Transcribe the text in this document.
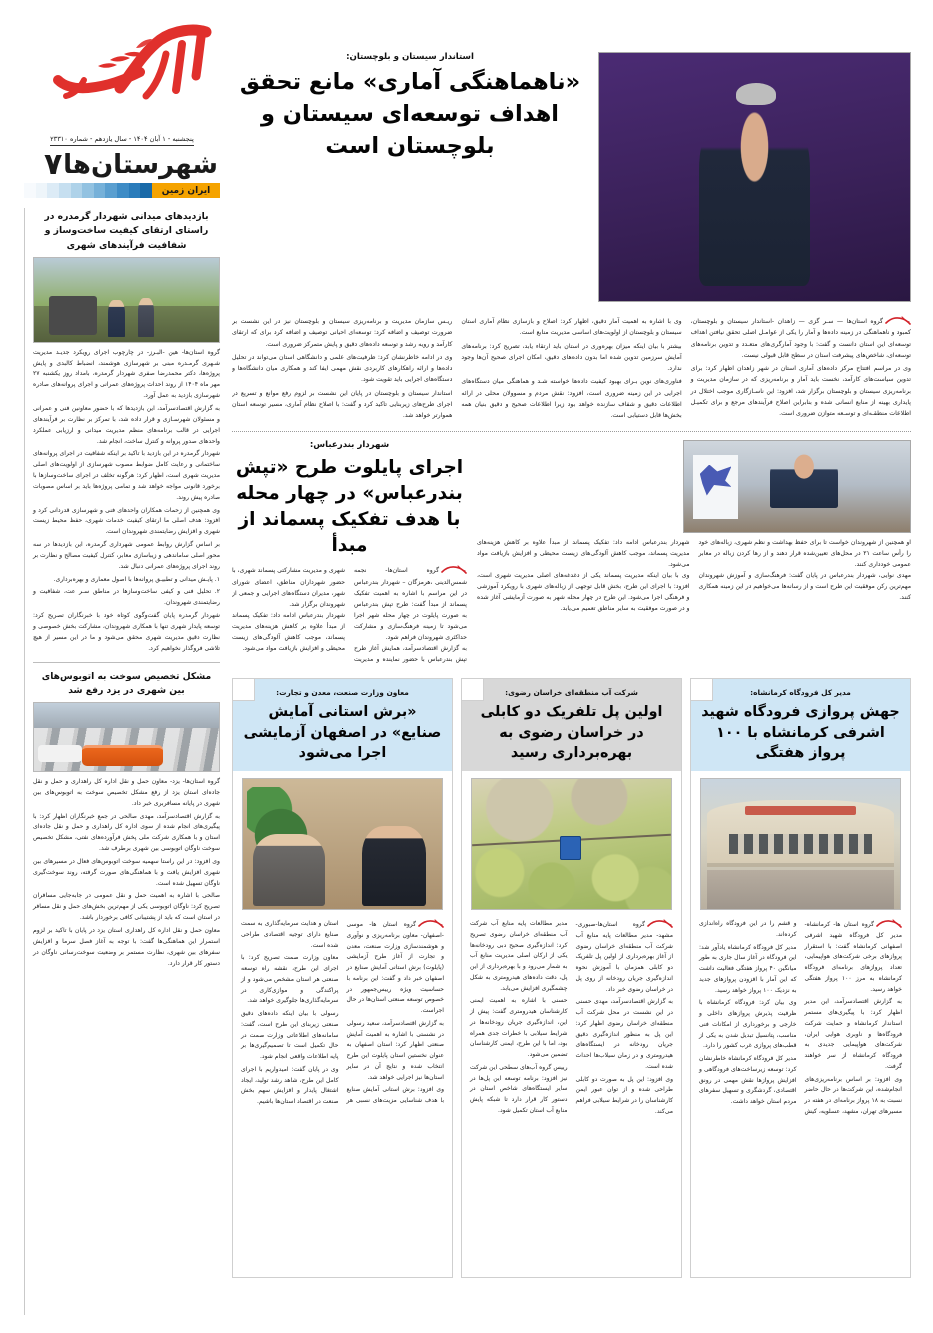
پنجشنبه - ۱ آبان ۱۴۰۴ - سال یازدهم - شماره ۲۳۳۱۰
شهرستان‌ها
۷
ایران زمین
بازدیدهای میدانی شهردار گرمدره در راستای ارتقای کیفیت ساخت‌وساز و شفافیت فرآیندهای شهری

گروه استان‌ها- هین -البـرز- در چارچوب اجرای رویکرد جدیـد مدیریت شـهری گرمـدره مبنی بر شهرسازی هوشمند، انضباط کالبدی و پایش پروژه‌ها، دکتر محمدرضا صفری شهردار گرمدره، بامداد روز یکشنبه ۲۷ مهر ماه ۱۴۰۴ از روند احداث پروژه‌های عمرانی و اجرای پروانه‌های صادره شهرسازی بازدید به عمل آورد.

به گزارش اقتصادسرآمد، این بازدیدها که با حضور معاونین فنی و عمرانی و مسئولان شهرسـازی و قرار داده شد، با تمرکز بر نظارت بر فرآیندهای اجرایی در قالب برنامه‌های منظم مدیریت میدانی و ارزیابی عملکرد واحدهای صدور پروانه و کنترل ساخت، انجام شد.

شهردار گرمدره در این بازدید با تاکید بر اینکه شفافیت در اجرای پروانه‌های ساختمانی و رعایت کامل ضوابط مصوب شهرسازی از اولویت‌های اصلی مدیریت شهری است، اظهار کرد: هرگونه تخلف در اجرای ساخت‌وسازها با برخورد قانونی مواجه خواهد شد و تمامی پروژه‌ها باید بر اساس مصوبات صادره پیش روند.

وی همچنین از زحمات همکاران واحدهای فنی و شهرسازی قدردانی کرد و افزود: هدف اصلی ما ارتقای کیفیت خدمات شهری، حفظ محیط زیست شهری و افزایش رضایتمندی شهروندان است.

بر اساس گزارش روابط عمومی شهرداری گرمدره، این بازدیدها در سه محور اصلی ساماندهی و زیباسازی معابر، کنترل کیفیت مصالح و نظارت بر روند اجرای پروژه‌های عمرانی دنبال شد.

۱. پایـش میدانی و تطبیـق پروانه‌ها با اصول معماری و بهره‌برداری.

۲. تحلیل فنی و کیفی ساخت‌وسازها در مناطق سـر عت، شفافیت و رضایتمندی شهروندان.

شهردار گرمدره پایان گفت‌وگوی کوتاه خود با خبرنگاران تصریح کرد: توسعه پایدار شهری تنها با همکاری شهروندان، مشارکت بخش خصوصی و نظارت دقیق مدیریت شهری محقق می‌شود و ما در این مسیر از هیچ تلاشی فروگذار نخواهیم کرد.

مشکل تخصیص سوخت به اتوبوس‌های بین شهری در یزد رفع شد

گروه استان‌ها- یزد- معاون حمل و نقل اداره کل راهداری و حمل و نقل جاده‌ای استان یزد از رفع مشکل تخصیص سوخت به اتوبوس‌های بین شهری در پایانه مسافربری خبر داد.

به گزارش اقتصادسرآمد، مهدی صالحی در جمع خبرنگاران اظهار کرد: با پیگیری‌های انجام شده از سوی اداره کل راهداری و حمل و نقل جاده‌ای استان و با همکاری شرکت ملی پخش فرآورده‌های نفتی، مشکل تخصیص سوخت ناوگان اتوبوسی بین شهری برطرف شد.

وی افزود: در این راستا سهمیه سوخت اتوبوس‌های فعال در مسیرهای بین شهری افزایش یافت و با هماهنگی‌های صورت گرفته، روند سوخت‌گیری ناوگان تسهیل شده است.

صالحی با اشاره به اهمیت حمل و نقل عمومی در جابه‌جایی مسافران تصریح کرد: ناوگان اتوبوسی یکی از مهم‌ترین بخش‌های حمل و نقل مسافر در استان است که باید از پشتیبانی کافی برخوردار باشد.

معاون حمل و نقل اداره کل راهداری استان یزد در پایان با تاکید بر لزوم استمرار این هماهنگی‌ها گفت: با توجه به آغاز فصل سرما و افزایش سفرهای بین شهری، نظارت مستمر بر وضعیت سوخت‌رسانی ناوگان در دستور کار قرار دارد.

استاندار سیستان و بلوچستان:
«ناهماهنگی آماری» مانع تحقق اهداف توسعه‌ای سیستان و بلوچستان است

گروه استان‌ها — سـر گزی — زاهدان -استاندار سیستان و بلوچستان، کمبود و ناهماهنگی در زمینه داده‌ها و آمار را یکی از عوامـل اصلی تحقق نیافتن اهداف توسعه‌ای این استان دانست و گفت: با وجود آمارگری‌های متعـدد و تدوین برنامه‌های توسعه‌ای، شاخص‌های پیشرفت استان در سطح قابل قبولی نیست.

وی در مراسم افتتاح مرکز داده‌های آماری استان در شهر زاهدان اظهار کرد: برای تدوین سیاست‌های کارآمد، نخست باید آمار و برنامه‌ریزی که در سازمان مدیریت و برنامه‌ریزی سیستان و بلوچستان برگزار شد، افزود: این ناسـازگاری موجب اختلال در پایداری بهینه از منابع انسانی شده و بنابراین اصلاح فرآیندهای مرجع و برای تکمیـل اطلاعات منطقـه‌ای و توسـعه متوازن ضروری است.

وی با اشاره به اهمیت آمار دقیق، اظهار کرد: اصلاح و بازسازی نظام آماری استان سیستان و بلوچستان از اولویت‌های اساسی مدیریت منابع است.

بیشتر با بیان اینکه میزان بهره‌وری در استان باید ارتقاء یابد، تصریح کرد: برنامه‌های آمایش سرزمین تدوین شده اما بدون داده‌های دقیق، امکان اجرای صحیح آن‌ها وجود ندارد.

فناوری‌های نوین بـرای بهبود کیفیت داده‌ها خواسته شـد و هماهنگی میان دستگاه‌های اجرایی در این زمینه ضروری است، افزود: نقش مردم و مسوولان محلی در ارائه اطلاعات دقیق و شفاف سازنده خواهد بود زیرا اطلاعات صحیح و دقیق بنیان همه بخش‌ها قابل دستیابی است.

ریـس سازمان مدیریت و برنامه‌ریزی سیستان و بلوچستان نیز در این نشست بر ضرورت توصیف و اضافه کرد: توسعه‌ای احیانی توصیف و اضافه کرد برای که ارتقای کارآمد و رویه رشد و توسعه داده‌های دقیق و پایش متمرکز ضروری است.

وی در ادامه خاطرنشان کرد: ظرفیت‌های علمی و دانشگاهی استان می‌تواند در تحلیل داده‌ها و ارائه راهکارهای کاربردی نقش مهمی ایفا کند و همکاری میان دانشگاه‌ها و دستگاه‌های اجرایی باید تقویت شود.

استاندار سیستان و بلوچستان در پایان این نشست بر لزوم رفع موانع و تسریع در اجرای طرح‌های زیربنایی تاکید کرد و گفت: با اصلاح نظام آماری، مسیر توسعه استان هموارتر خواهد شد.

او همچنین از شهروندان خواست تا برای حفظ بهداشت و نظم شهری، زباله‌های خود را رأس ساعت ۲۱ در محل‌های تعیین‌شده قرار دهند و از رها کردن زباله در معابر عمومی خودداری کنند.

مهدی نوایی، شهردار بندرعباس در پایان گفت: فرهنگ‌سازی و آموزش شهروندان مهم‌ترین رکن موفقیت این طرح است و از رسانه‌ها می‌خواهیم در این زمینه همکاری کنند.

شهردار بندرعباس ادامه داد: تفکیک پسماند از مبدأ علاوه بر کاهش هزینه‌های مدیریت پسماند، موجب کاهش آلودگی‌های زیست محیطی و افزایش بازیافت مواد می‌شود.

وی با بیان اینکه مدیریت پسماند یکی از دغدغه‌های اصلی مدیریت شهری است، افزود: با اجرای این طرح، بخش قابل توجهی از زباله‌های شهری با رویکرد آموزشی و فرهنگی اجرا می‌شود. این طرح در چهار محله شهر به صورت آزمایشی آغاز شده و در صورت موفقیت به سایر مناطق تعمیم می‌یابد.

شهردار بندرعباس:
اجرای پایلوت طرح «تپش بندرعباس» در چهار محله با هدف تفکیک پسماند از مبدأ

گروه استان‌ها- نجمه شمس‌الدینی ،هرمزگان – شهردار بندرعباس در این مراسم با اشاره به اهمیت تفکیک پسماند از مبدأ گفت: طرح تپش بندرعباس به صورت پایلوت در چهار محله شهر اجرا می‌شود تا زمینه فرهنگ‌سازی و مشارکت حداکثری شهروندان فراهم شود.

به گزارش اقتصادسرآمد، همایش آغاز طرح تپش بندرعباس با حضور نماینده و مدیریت شهری و مدیریت مشارکتی پسماند شهری، با حضور شهرداران مناطق، اعضای شورای شهر، مدیران دستگاه‌های اجرایی و جمعی از شهروندان برگزار شد.

شهردار بندرعباس ادامه داد: تفکیک پسماند از مبدأ علاوه بر کاهش هزینه‌های مدیریت پسماند، موجب کاهش آلودگی‌های زیست محیطی و افزایش بازیافت مواد می‌شود.

مدیر کل فرودگاه کرمانشاه:
جهش پروازی فرودگاه شهید اشرفی کرمانشاه با ۱۰۰ پرواز هفتگی

گروه استان ها- کرمانشاه- مدیر کل فرودگاه شهید اشرفی اصفهانی کرمانشاه گفت: با استقرار پروازهای برخی شرکت‌های هواپیمایی، تعداد پروازهای برنامه‌ای فرودگاه کرمانشاه به مرز ۱۰۰ پرواز هفتگی خواهد رسید.

به گزارش اقتصادسرآمد، این مدیر اظهار کرد: با پیگیری‌های مستمر استاندار کرمانشاه و حمایت شرکت فرودگاه‌ها و ناوبری هوایی ایران، شرکت‌های هواپیمایی جدیدی به فرودگاه کرمانشاه از سر خواهند گرفت.

وی افزود: بر اساس برنامه‌ریزی‌های انجام‌شده، این شرکت‌ها در حال حاضر نسبت به ۱۸ پرواز برنامه‌ای در هفته در مسیرهای تهران، مشهد، عسلویه، کیش و قشم را در این فرودگاه راه‌اندازی کرده‌اند.

مدیر کل فرودگاه کرمانشاه یادآور شد: این فرودگاه در آغاز سال جاری به طور میانگین ۴۰ پرواز هفتگی فعالیت داشت که این آمار با افزودن پروازهای جدید به نزدیک ۱۰۰ پرواز خواهد رسید.

وی بیان کرد: فرودگاه کرمانشاه با ظرفیت پذیرش پروازهای داخلی و خارجی و برخورداری از امکانات فنی مناسب، پتانسیل تبدیل شدن به یکی از قطب‌های پروازی غرب کشور را دارد.

مدیر کل فرودگاه کرمانشاه خاطرنشان کرد: توسعه زیرساخت‌های فرودگاهی و افزایش پروازها نقش مهمی در رونق اقتصادی، گردشگری و تسهیل سفرهای مردم استان خواهد داشت.

شرکت آب منطقه‌ای خراسان رضوی:
اولین پل تلفریک دو کابلی در خراسان رضوی به بهره‌برداری رسید

گروه استان‌ها-صبوری- مشهد- مدیر مطالعات پایه منابع آب شرکت آب منطقه‌ای خراسان رضوی از آغاز بهره‌برداری از اولین پل تلفریک دو کابلی همزمان با آموزش نحوه اندازه‌گیری جریان رودخانه از روی پل در خراسان رضوی خبر داد.

به گزارش اقتصادسرآمد، مهدی حسنی در این نشست در محل شرکت آب منطقه‌ای خراسان رضوی اظهار کرد: این پل به منظور اندازه‌گیری دقیق جریان رودخانه در ایستگاه‌های هیدرومتری و در زمان سیلاب‌ها احداث شده است.

وی افزود: این پل به صورت دو کابلی طراحی شده و از توان عبور ایمن کارشناسان را در شرایط سیلابی فراهم می‌کند.

مدیر مطالعات پایه منابع آب شرکت آب منطقه‌ای خراسان رضوی تصریح کرد: اندازه‌گیری صحیح دبی رودخانه‌ها یکی از ارکان اصلی مدیریت منابع آب به شمار می‌رود و با بهره‌برداری از این پل، دقت داده‌های هیدرومتری به شکل چشمگیری افزایش می‌یابد.

حسنی با اشاره به اهمیت ایمنی کارشناسان هیدرومتری گفت: پیش از این، اندازه‌گیری جریان رودخانه‌ها در شرایط سیلابی با خطرات جدی همراه بود، اما با این طرح، ایمنی کارشناسان تضمین می‌شود.

رییس گروه آب‌های سطحی این شرکت نیز افزود: برنامه توسعه این پل‌ها در سایر ایستگاه‌های شاخص استان در دستور کار قرار دارد تا شبکه پایش منابع آب استان تکمیل شود.

معاون وزارت صنعت، معدن و تجارت:
«برش استانی آمایش صنایع» در اصفهان آزمایشی اجرا می‌شود

گروه استان ها- موسی -اصفهان- معاون برنامه‌ریزی و نوآوری و هوشمندسازی وزارت صنعت، معدن و تجارت از آغاز طرح آزمایشی (پایلوت) برش استانی آمایش صنایع در اصفهان خبر داد و گفت: این برنامه با حساسیت ویژه رییس‌جمهور در خصوص توسعه صنعتی استان‌ها در حال اجراست.

به گزارش اقتصادسرآمد، سعید رسولی در نشستی با اشاره به اهمیت آمایش صنعتی اظهار کرد: استان اصفهان به عنوان نخستین استان پایلوت این طرح انتخاب شده و نتایج آن در سایر استان‌ها نیز اجرایی خواهد شد.

وی افزود: برش استانی آمایش صنایع با هدف شناسایی مزیت‌های نسبی هر استان و هدایت سرمایه‌گذاری به سمت صنایع دارای توجیه اقتصادی طراحی شده است.

معاون وزارت صمت تصریح کرد: با اجرای این طرح، نقشه راه توسعه صنعتی هر استان مشخص می‌شود و از پراکندگی و موازی‌کاری در سرمایه‌گذاری‌ها جلوگیری خواهد شد.

رسولی با بیان اینکه داده‌های دقیق صنعتی زیربنای این طرح است، گفت: سامانه‌های اطلاعاتی وزارت صمت در حال تکمیل است تا تصمیم‌گیری‌ها بر پایه اطلاعات واقعی انجام شود.

وی در پایان گفت: امیدواریم با اجرای کامل این طرح، شاهد رشد تولید، ایجاد اشتغال پایدار و افزایش سهم بخش صنعت در اقتصاد استان‌ها باشیم.
